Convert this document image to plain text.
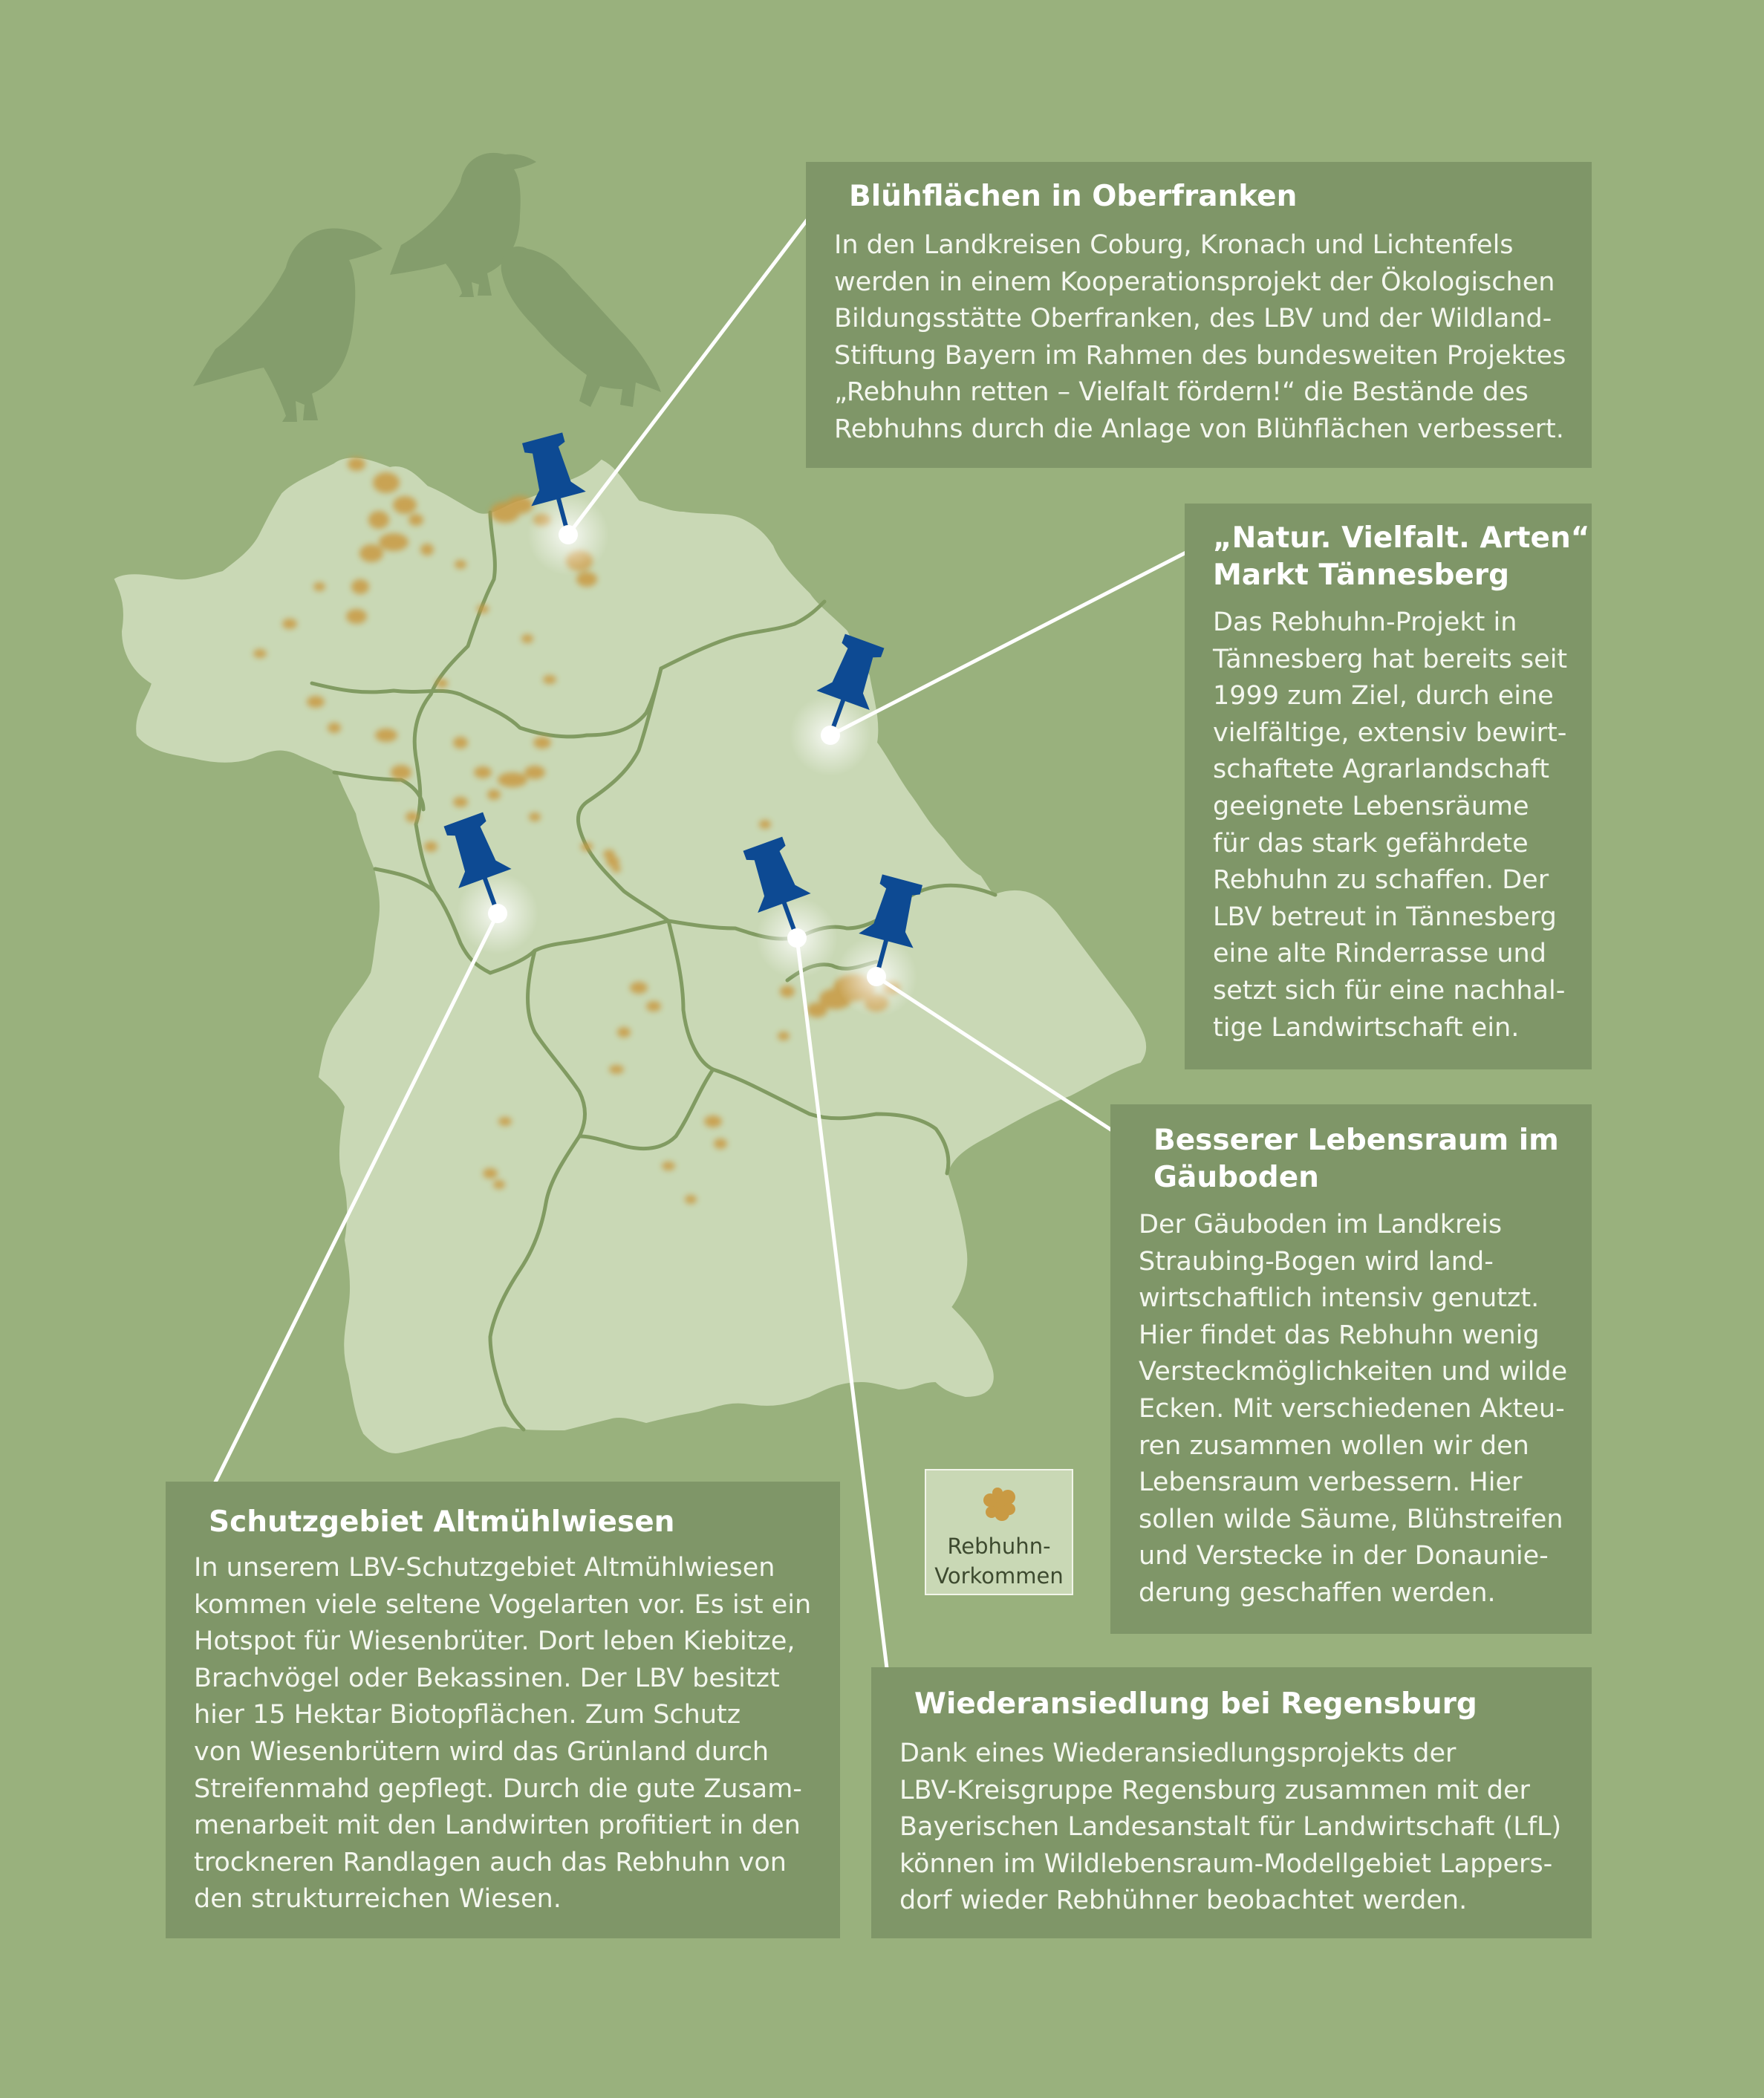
Blühflächen in Oberfranken
In den Landkreisen Coburg, Kronach und Lichtenfels
werden in einem Kooperationsprojekt der Ökologischen
Bildungsstätte Oberfranken, des LBV und der Wildland-
Stiftung Bayern im Rahmen des bundesweiten Projektes
„Rebhuhn retten – Vielfalt fördern!“ die Bestände des
Rebhuhns durch die Anlage von Blühflächen verbessert.
„Natur. Vielfalt. Arten“
Markt Tännesberg
Das Rebhuhn-Projekt in
Tännesberg hat bereits seit
1999 zum Ziel, durch eine
vielfältige, extensiv bewirt-
schaftete Agrarlandschaft
geeignete Lebensräume
für das stark gefährdete
Rebhuhn zu schaffen. Der
LBV betreut in Tännesberg
eine alte Rinderrasse und
setzt sich für eine nachhal-
tige Landwirtschaft ein.
Besserer Lebensraum im
Gäuboden
Der Gäuboden im Landkreis
Straubing-Bogen wird land-
wirtschaftlich intensiv genutzt.
Hier findet das Rebhuhn wenig
Versteckmöglichkeiten und wilde
Ecken. Mit verschiedenen Akteu-
ren zusammen wollen wir den
Lebensraum verbessern. Hier
sollen wilde Säume, Blühstreifen
und Verstecke in der Donaunie-
derung geschaffen werden.
Schutzgebiet Altmühlwiesen
In unserem LBV-Schutzgebiet Altmühlwiesen
kommen viele seltene Vogelarten vor. Es ist ein
Hotspot für Wiesenbrüter. Dort leben Kiebitze,
Brachvögel oder Bekassinen. Der LBV besitzt
hier 15 Hektar Biotopflächen. Zum Schutz
von Wiesenbrütern wird das Grünland durch
Streifenmahd gepflegt. Durch die gute Zusam-
menarbeit mit den Landwirten profitiert in den
trockneren Randlagen auch das Rebhuhn von
den strukturreichen Wiesen.
Wiederansiedlung bei Regensburg
Dank eines Wiederansiedlungsprojekts der
LBV-Kreisgruppe Regensburg zusammen mit der
Bayerischen Landesanstalt für Landwirtschaft (LfL)
können im Wildlebensraum-Modellgebiet Lappers-
dorf wieder Rebhühner beobachtet werden.
Rebhuhn-
Vorkommen
